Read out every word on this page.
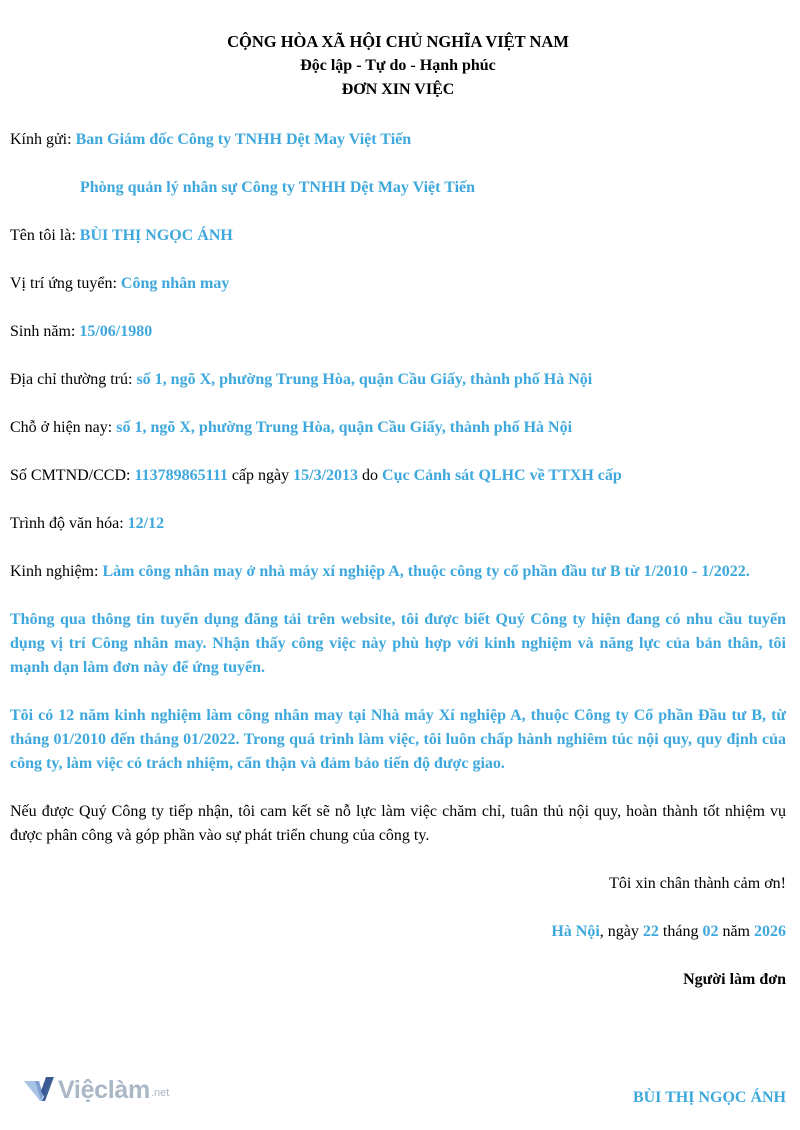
CỘNG HÒA XÃ HỘI CHỦ NGHĨA VIỆT NAM
Độc lập - Tự do - Hạnh phúc
ĐƠN XIN VIỆC
Kính gửi: Ban Giám đốc Công ty TNHH Dệt May Việt Tiến
Phòng quản lý nhân sự Công ty TNHH Dệt May Việt Tiến
Tên tôi là: BÙI THỊ NGỌC ÁNH
Vị trí ứng tuyển: Công nhân may
Sinh năm: 15/06/1980
Địa chỉ thường trú: số 1, ngõ X, phường Trung Hòa, quận Cầu Giấy, thành phố Hà Nội
Chỗ ở hiện nay: số 1, ngõ X, phường Trung Hòa, quận Cầu Giấy, thành phố Hà Nội
Số CMTND/CCD: 113789865111 cấp ngày 15/3/2013 do Cục Cảnh sát QLHC về TTXH cấp
Trình độ văn hóa: 12/12
Kinh nghiệm: Làm công nhân may ở nhà máy xí nghiệp A, thuộc công ty cổ phần đầu tư B từ 1/2010 - 1/2022.
Thông qua thông tin tuyển dụng đăng tải trên website, tôi được biết Quý Công ty hiện đang có nhu cầu tuyển dụng vị trí Công nhân may. Nhận thấy công việc này phù hợp với kinh nghiệm và năng lực của bản thân, tôi mạnh dạn làm đơn này để ứng tuyển.
Tôi có 12 năm kinh nghiệm làm công nhân may tại Nhà máy Xí nghiệp A, thuộc Công ty Cổ phần Đầu tư B, từ tháng 01/2010 đến tháng 01/2022. Trong quá trình làm việc, tôi luôn chấp hành nghiêm túc nội quy, quy định của công ty, làm việc có trách nhiệm, cẩn thận và đảm bảo tiến độ được giao.
Nếu được Quý Công ty tiếp nhận, tôi cam kết sẽ nỗ lực làm việc chăm chỉ, tuân thủ nội quy, hoàn thành tốt nhiệm vụ được phân công và góp phần vào sự phát triển chung của công ty.
Tôi xin chân thành cảm ơn!
Hà Nội, ngày 22 tháng 02 năm 2026
Người làm đơn
BÙI THỊ NGỌC ÁNH
Việclàm .net
